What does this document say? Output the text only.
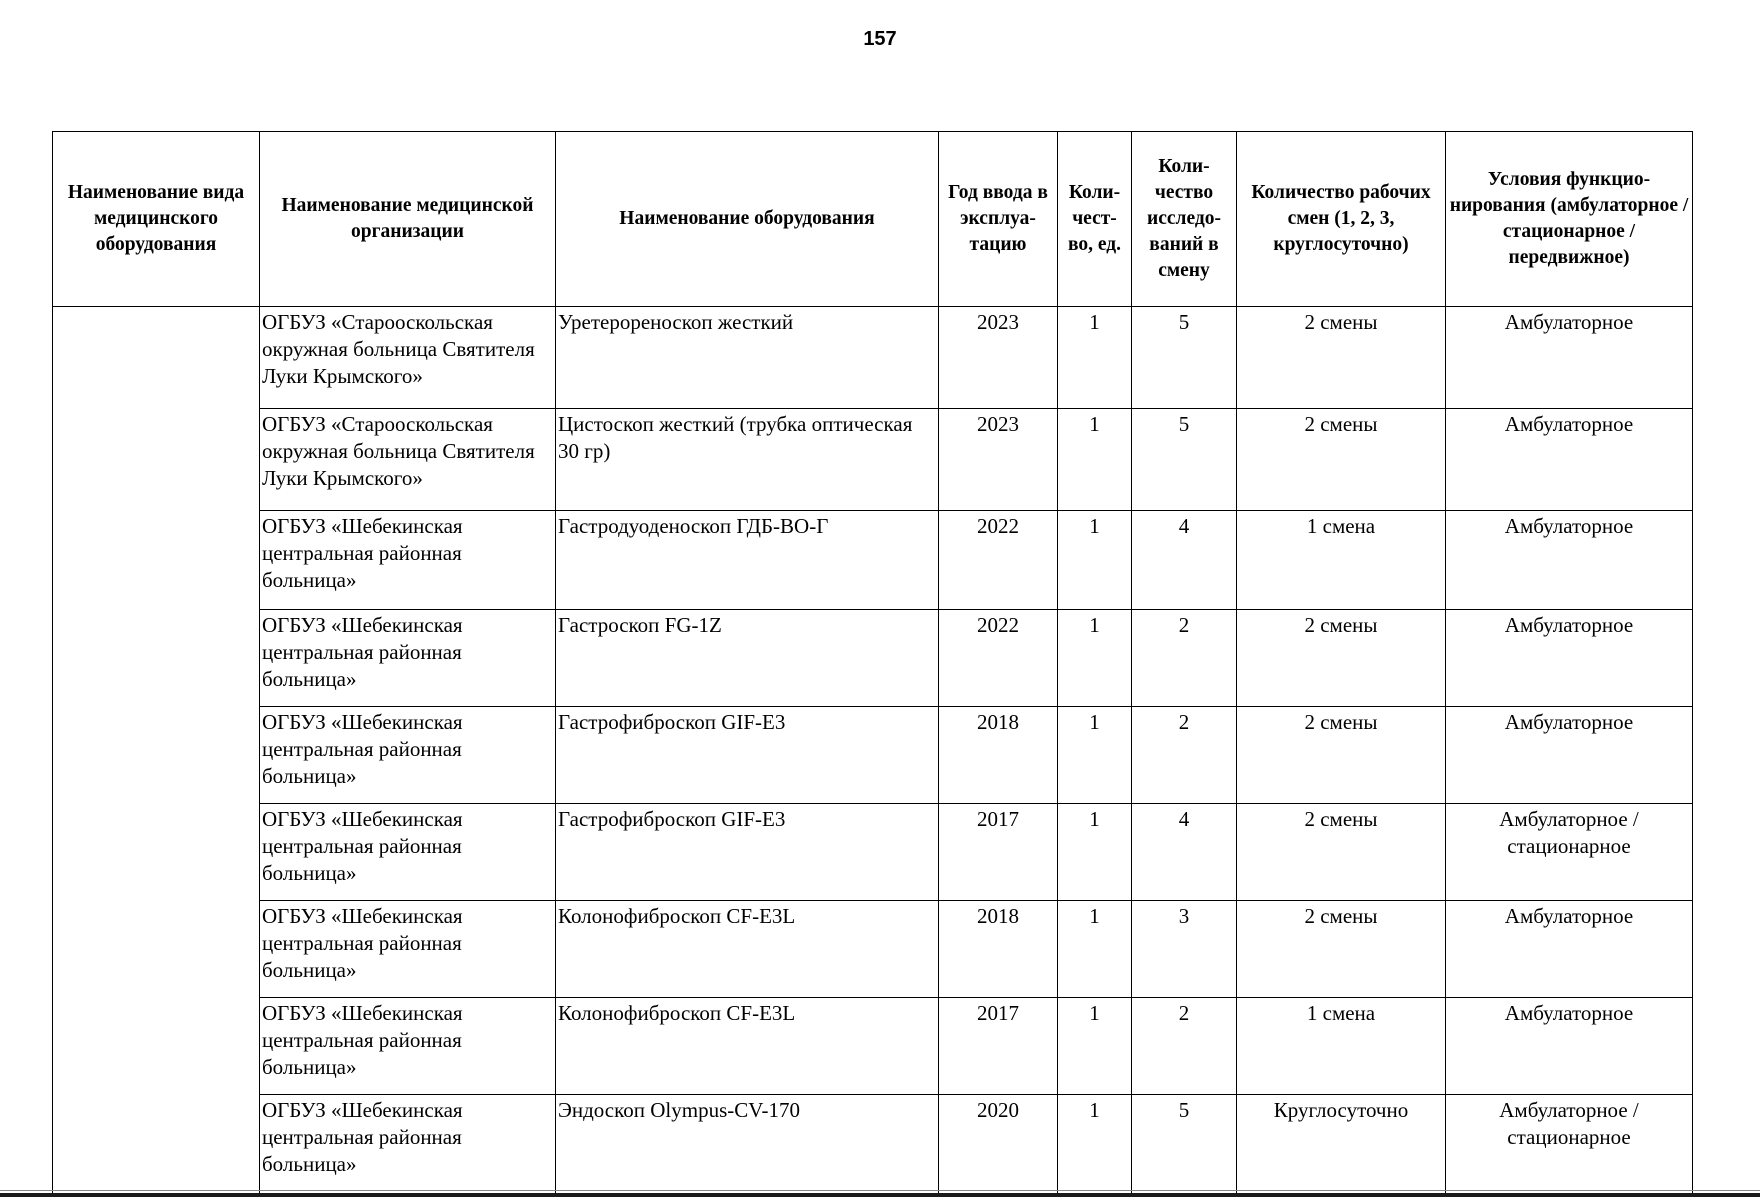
157
Наименование вида медицинского оборудования	Наименование медицинской организации	Наименование оборудования	Год ввода в эксплуа-тацию	Коли-чест-во, ед.	Коли-чество исследо-ваний в смену	Количество рабочих смен (1, 2, 3, круглосуточно)	Условия функцио-нирования (амбулаторное / стационарное / передвижное)
	ОГБУЗ «Старооскольская окружная больница Святителя Луки Крымского»	Уретерореноскоп жесткий	2023	1	5	2 смены	Амбулаторное
	ОГБУЗ «Старооскольская окружная больница Святителя Луки Крымского»	Цистоскоп жесткий (трубка оптическая 30 гр)	2023	1	5	2 смены	Амбулаторное
	ОГБУЗ «Шебекинская центральная районная больница»	Гастродуоденоскоп ГДБ-ВО-Г	2022	1	4	1 смена	Амбулаторное
	ОГБУЗ «Шебекинская центральная районная больница»	Гастроскоп FG-1Z	2022	1	2	2 смены	Амбулаторное
	ОГБУЗ «Шебекинская центральная районная больница»	Гастрофиброскоп GIF-E3	2018	1	2	2 смены	Амбулаторное
	ОГБУЗ «Шебекинская центральная районная больница»	Гастрофиброскоп GIF-E3	2017	1	4	2 смены	Амбулаторное / стационарное
	ОГБУЗ «Шебекинская центральная районная больница»	Колонофиброскоп CF-E3L	2018	1	3	2 смены	Амбулаторное
	ОГБУЗ «Шебекинская центральная районная больница»	Колонофиброскоп CF-E3L	2017	1	2	1 смена	Амбулаторное
	ОГБУЗ «Шебекинская центральная районная больница»	Эндоскоп Olympus-CV-170	2020	1	5	Круглосуточно	Амбулаторное / стационарное
